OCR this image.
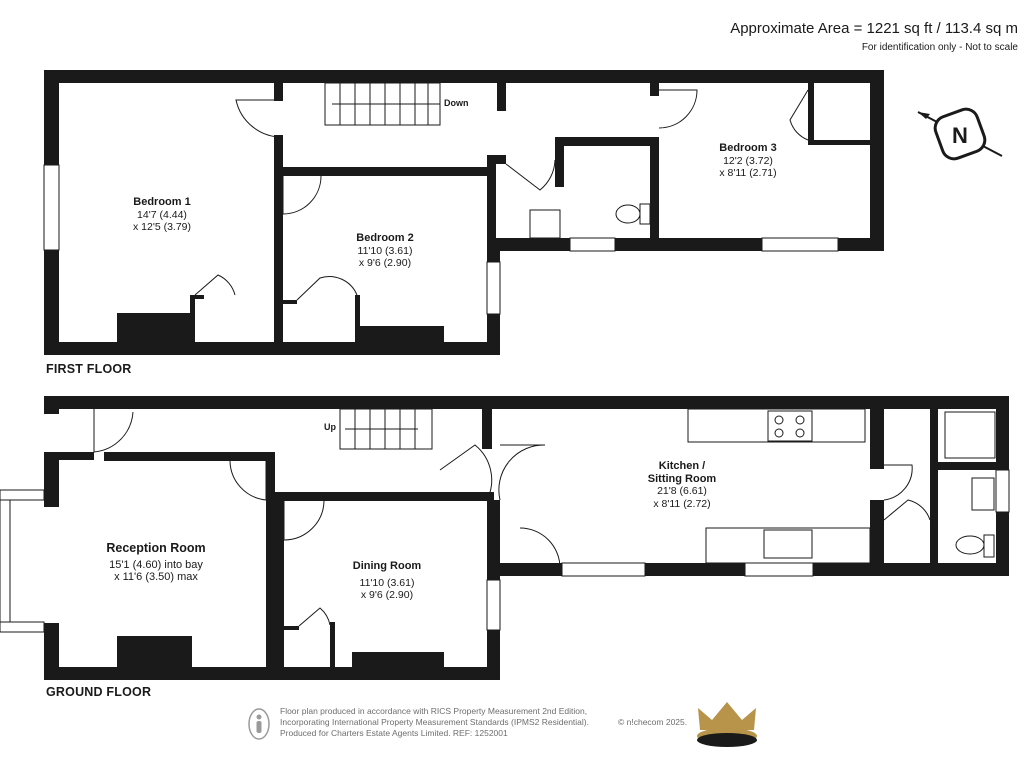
Approximate Area = 1221 sq ft / 113.4 sq m
For identification only - Not to scale
FIRST FLOOR
GROUND FLOOR
Down
Up
Bedroom 1
14'7 (4.44)
x 12'5 (3.79)
Bedroom 2
11'10 (3.61)
x 9'6 (2.90)
Bedroom 3
12'2 (3.72)
x 8'11 (2.71)
Reception Room
15'1 (4.60) into bay
x 11'6 (3.50) max
Dining Room
11'10 (3.61)
x 9'6 (2.90)
Kitchen /
Sitting Room
21'8 (6.61)
x 8'11 (2.72)
N
Floor plan produced in accordance with RICS Property Measurement 2nd Edition,
Incorporating International Property Measurement Standards (IPMS2 Residential).
Produced for Charters Estate Agents Limited. REF: 1252001
© n!checom 2025.
